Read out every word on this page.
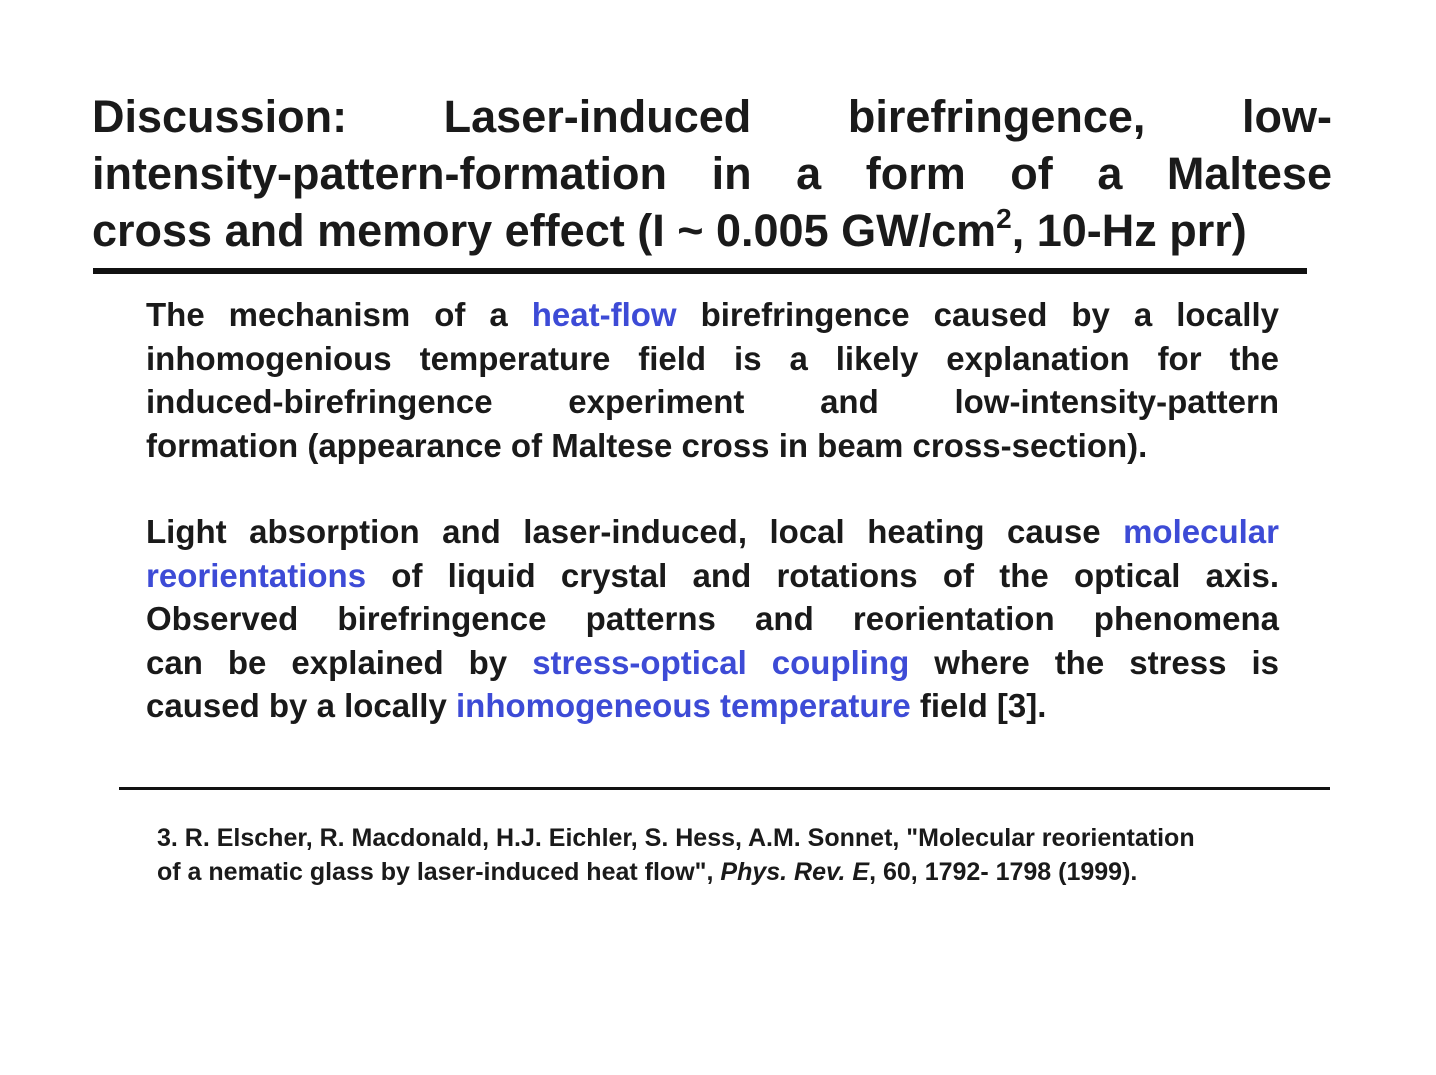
Discussion: Laser-induced birefringence, low-
intensity-pattern-formation in a form of a Maltese
cross and memory effect (I ~ 0.005 $GW/cm^2$, 10-Hz prr)
The mechanism of a heat-flow birefringence caused by a locally
inhomogenious temperature field is a likely explanation for the
induced-birefringence experiment and low-intensity-pattern
formation (appearance of Maltese cross in beam cross-section).
Light absorption and laser-induced, local heating cause molecular
reorientations of liquid crystal and rotations of the optical axis.
Observed birefringence patterns and reorientation phenomena
can be explained by stress-optical coupling where the stress is
caused by a locally inhomogeneous temperature field [3].
3. R. Elscher, R. Macdonald, H.J. Eichler, S. Hess, A.M. Sonnet, "Molecular reorientation
of a nematic glass by laser-induced heat flow", Phys. Rev. E, 60, 1792- 1798 (1999).
